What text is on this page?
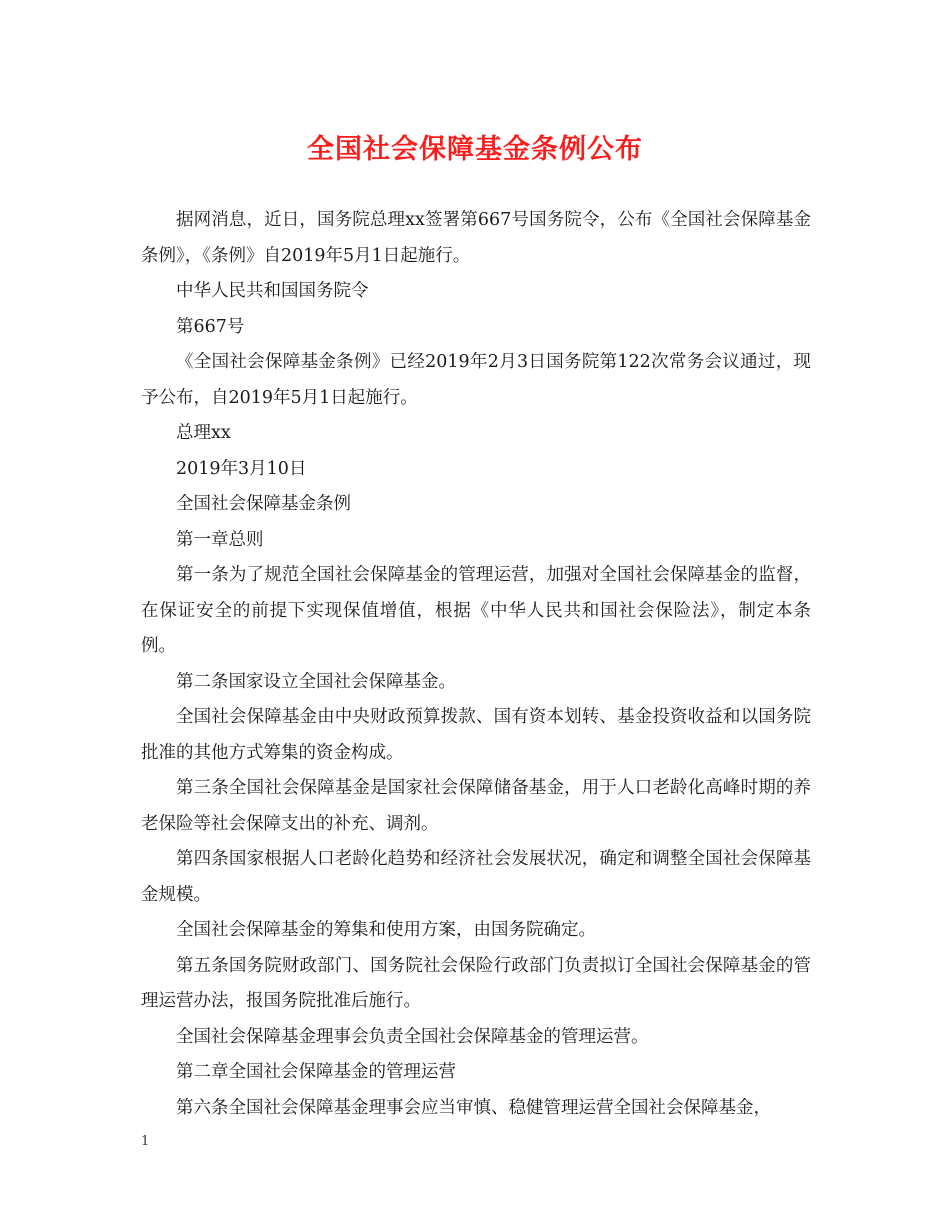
全国社会保障基金条例公布

据网消息，近日，国务院总理xx签署第667号国务院令，公布《全国社会保障基金条例》，《条例》自2019年5月1日起施行。

中华人民共和国国务院令

第667号

《全国社会保障基金条例》已经2019年2月3日国务院第122次常务会议通过，现予公布，自2019年5月1日起施行。

总理xx

2019年3月10日

全国社会保障基金条例

第一章总则

第一条为了规范全国社会保障基金的管理运营，加强对全国社会保障基金的监督，在保证安全的前提下实现保值增值，根据《中华人民共和国社会保险法》，制定本条例。

第二条国家设立全国社会保障基金。

全国社会保障基金由中央财政预算拨款、国有资本划转、基金投资收益和以国务院批准的其他方式筹集的资金构成。

第三条全国社会保障基金是国家社会保障储备基金，用于人口老龄化高峰时期的养老保险等社会保障支出的补充、调剂。

第四条国家根据人口老龄化趋势和经济社会发展状况，确定和调整全国社会保障基金规模。

全国社会保障基金的筹集和使用方案，由国务院确定。

第五条国务院财政部门、国务院社会保险行政部门负责拟订全国社会保障基金的管理运营办法，报国务院批准后施行。

全国社会保障基金理事会负责全国社会保障基金的管理运营。

第二章全国社会保障基金的管理运营

第六条全国社会保障基金理事会应当审慎、稳健管理运营全国社会保障基金，

1
